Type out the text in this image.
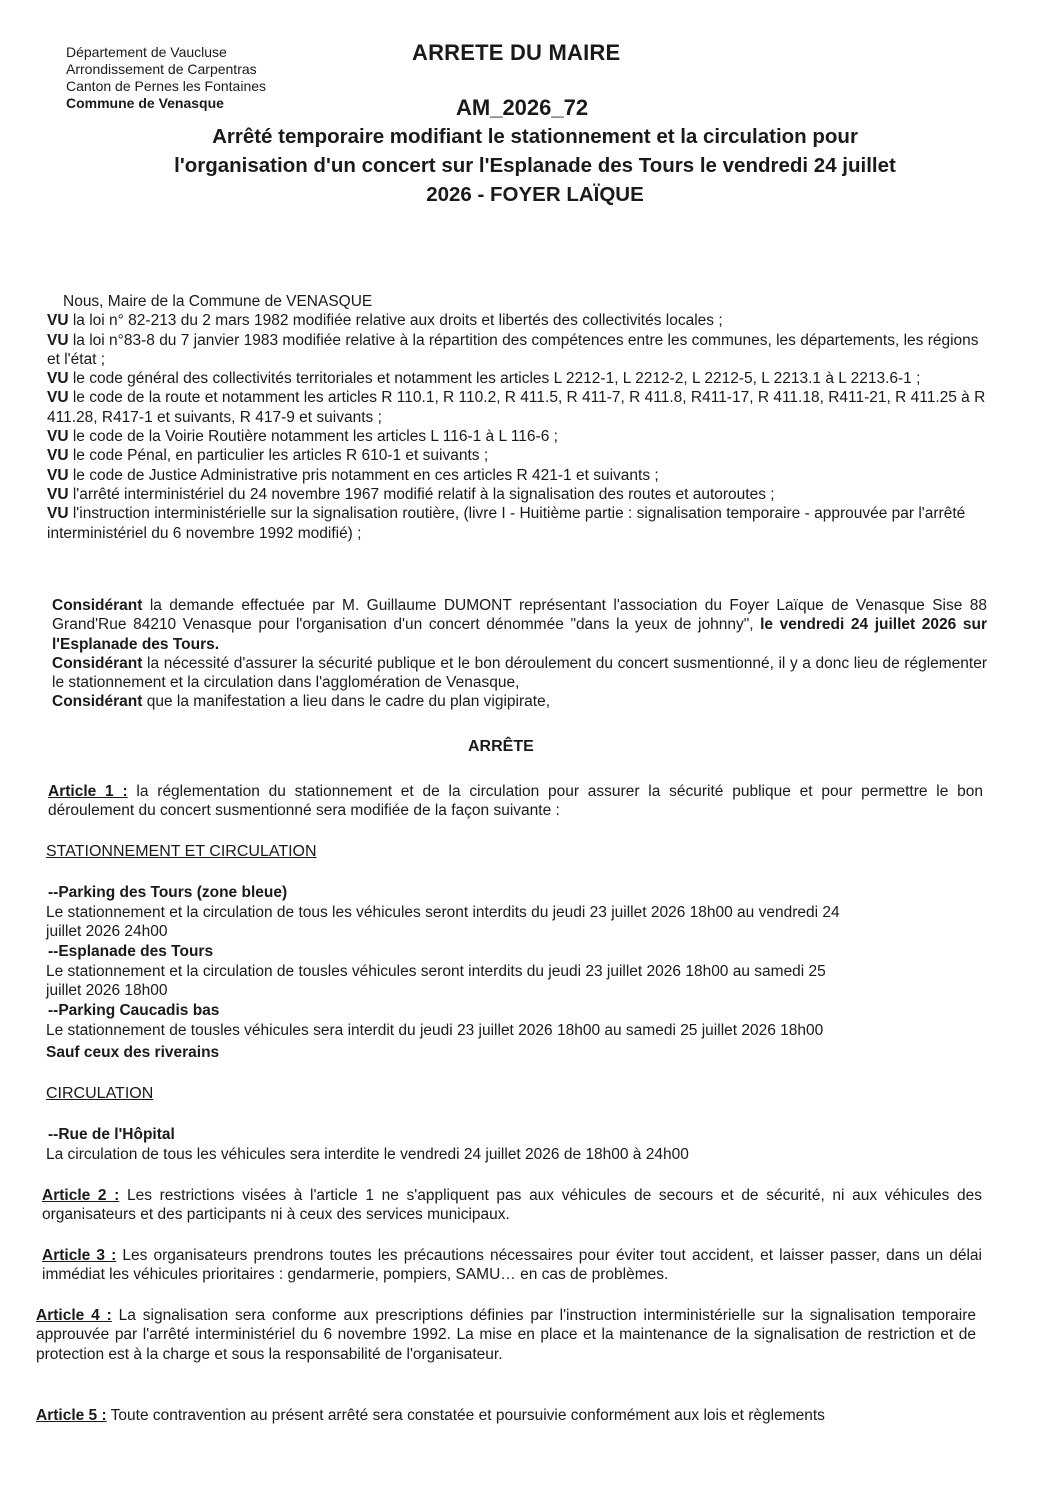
Département de Vaucluse
Arrondissement de Carpentras
Canton de Pernes les Fontaines
Commune de Venasque
ARRETE DU MAIRE
AM_2026_72
Arrêté temporaire modifiant le stationnement et la circulation pour
l'organisation d'un concert sur l'Esplanade des Tours le vendredi 24 juillet
2026 - FOYER LAÏQUE
Nous, Maire de la Commune de VENASQUE
VU la loi n° 82-213 du 2 mars 1982 modifiée relative aux droits et libertés des collectivités locales ;
VU la loi n°83-8 du 7 janvier 1983 modifiée relative à la répartition des compétences entre les communes, les départements, les régions et l'état ;
VU le code général des collectivités territoriales et notamment les articles L 2212-1, L 2212-2, L 2212-5, L 2213.1 à L 2213.6-1 ;
VU le code de la route et notamment les articles R 110.1, R 110.2, R 411.5, R 411-7, R 411.8, R411-17, R 411.18, R411-21, R 411.25 à R 411.28, R417-1 et suivants, R 417-9 et suivants ;
VU le code de la Voirie Routière notamment les articles L 116-1 à L 116-6 ;
VU le code Pénal, en particulier les articles R 610-1 et suivants ;
VU le code de Justice Administrative pris notamment en ces articles R 421-1 et suivants ;
VU l'arrêté interministériel du 24 novembre 1967 modifié relatif à la signalisation des routes et autoroutes ;
VU l'instruction interministérielle sur la signalisation routière, (livre I - Huitième partie : signalisation temporaire - approuvée par l'arrêté interministériel du 6 novembre 1992 modifié) ;
Considérant la demande effectuée par M. Guillaume DUMONT représentant l'association du Foyer Laïque de Venasque Sise 88 Grand'Rue 84210 Venasque pour l'organisation d'un concert dénommée "dans la yeux de johnny", le vendredi 24 juillet 2026 sur l'Esplanade des Tours.
Considérant la nécessité d'assurer la sécurité publique et le bon déroulement du concert susmentionné, il y a donc lieu de réglementer le stationnement et la circulation dans l'agglomération de Venasque,
Considérant que la manifestation a lieu dans le cadre du plan vigipirate,
ARRÊTE
Article 1 : la réglementation du stationnement et de la circulation pour assurer la sécurité publique et pour permettre le bon déroulement du concert susmentionné sera modifiée de la façon suivante :
STATIONNEMENT ET CIRCULATION
--Parking des Tours (zone bleue)
Le stationnement et la circulation de tous les véhicules seront interdits du jeudi 23 juillet 2026 18h00 au vendredi 24
juillet 2026 24h00
--Esplanade des Tours
Le stationnement et la circulation de tousles véhicules seront interdits du jeudi 23 juillet 2026 18h00 au samedi 25
juillet 2026 18h00
--Parking Caucadis bas
Le stationnement de tousles véhicules sera interdit du jeudi 23 juillet 2026 18h00 au samedi 25 juillet 2026 18h00
Sauf ceux des riverains
CIRCULATION
--Rue de l'Hôpital
La circulation de tous les véhicules sera interdite le vendredi 24 juillet 2026 de 18h00 à 24h00
Article 2 : Les restrictions visées à l'article 1 ne s'appliquent pas aux véhicules de secours et de sécurité, ni aux véhicules des organisateurs et des participants ni à ceux des services municipaux.
Article 3 : Les organisateurs prendrons toutes les précautions nécessaires pour éviter tout accident, et laisser passer, dans un délai immédiat les véhicules prioritaires : gendarmerie, pompiers, SAMU… en cas de problèmes.
Article 4 : La signalisation sera conforme aux prescriptions définies par l'instruction interministérielle sur la signalisation temporaire approuvée par l'arrêté interministériel du 6 novembre 1992. La mise en place et la maintenance de la signalisation de restriction et de protection est à la charge et sous la responsabilité de l'organisateur.
Article 5 : Toute contravention au présent arrêté sera constatée et poursuivie conformément aux lois et règlements
